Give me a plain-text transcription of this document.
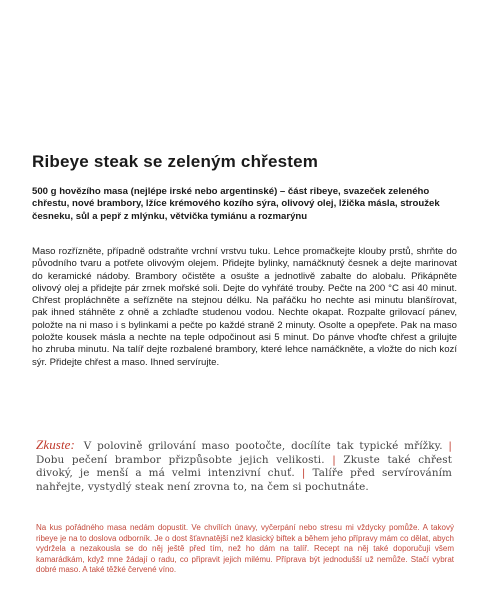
Ribeye steak se zeleným chřestem
500 g hovězího masa (nejlépe irské nebo argentinské) – část ribeye, svazeček zeleného chřestu, nové brambory, lžíce krémového kozího sýra, olivový olej, lžička másla, stroužek česneku, sůl a pepř z mlýnku, větvička tymiánu a rozmarýnu
Maso rozřízněte, případně odstraňte vrchní vrstvu tuku. Lehce promačkejte klouby prstů, shrňte do původního tvaru a potřete olivovým olejem. Přidejte bylinky, namáčknutý česnek a dejte marinovat do keramické nádoby. Brambory očistěte a osušte a jednotlivě zabalte do alobalu. Přikápněte olivový olej a přidejte pár zrnek mořské soli. Dejte do vyhřáté trouby. Pečte na 200 °C asi 40 minut. Chřest propláchněte a seřízněte na stejnou délku. Na pařáčku ho nechte asi minutu blanšírovat, pak ihned stáhněte z ohně a zchlaďte studenou vodou. Nechte okapat. Rozpalte grilovací pánev, položte na ni maso i s bylinkami a pečte po každé straně 2 minuty. Osolte a opepřete. Pak na maso položte kousek másla a nechte na teple odpočinout asi 5 minut. Do pánve vhoďte chřest a grilujte ho zhruba minutu. Na talíř dejte rozbalené brambory, které lehce namáčkněte, a vložte do nich kozí sýr. Přidejte chřest a maso. Ihned servírujte.
Zkuste: V polovině grilování maso pootočte, docílíte tak typické mřížky. | Dobu pečení brambor přizpůsobte jejich velikosti. | Zkuste také chřest divoký, je menší a má velmi intenzivní chuť. | Talíře před servírováním nahřejte, vystydlý steak není zrovna to, na čem si pochutnáte.
Na kus pořádného masa nedám dopustit. Ve chvílích únavy, vyčerpání nebo stresu mi vždycky pomůže. A takový ribeye je na to doslova odborník. Je o dost šťavnatější než klasický biftek a během jeho přípravy mám co dělat, abych vydržela a nezakousla se do něj ještě před tím, než ho dám na talíř. Recept na něj také doporučuji všem kamarádkám, když mne žádají o radu, co připravit jejich milému. Příprava být jednodušší už nemůže. Stačí vybrat dobré maso. A také těžké červené víno.
